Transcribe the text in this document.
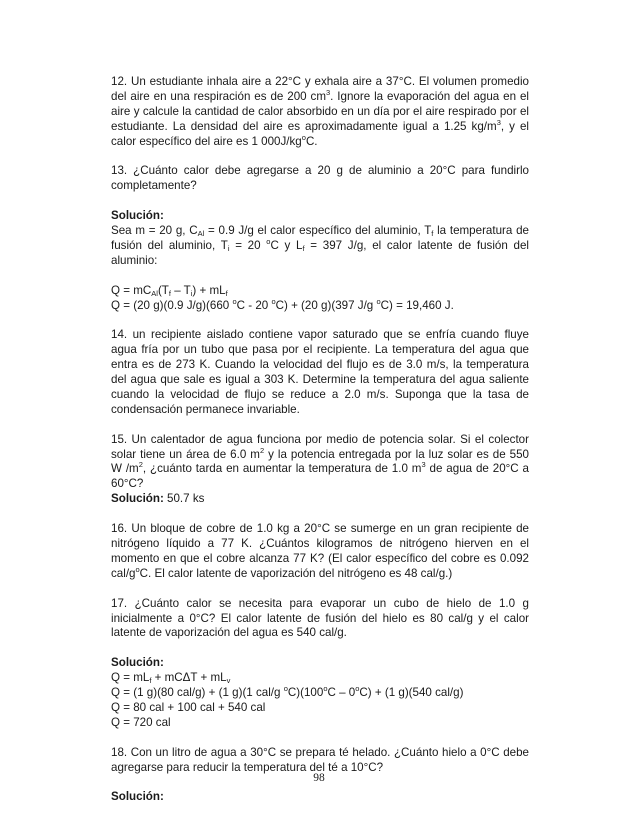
12. Un estudiante inhala aire a 22°C y exhala aire a 37°C. El volumen promedio del aire en una respiración es de 200 $cm^3$. Ignore la evaporación del agua en el aire y calcule la cantidad de calor absorbido en un día por el aire respirado por el estudiante. La densidad del aire es aproximadamente igual a 1.25 $kg/m^3$, y el calor específico del aire es 1 $000J/kg^oC$.

13. ¿Cuánto calor debe agregarse a 20 g de aluminio a 20°C para fundirlo completamente?

Solución:

Sea m = 20 g, $C_{Al} = 0.9$ J/g el calor específico del aluminio, $T_f$ la temperatura de fusión del aluminio, $T_i = 20$ $^o$C y $L_f = 397$ J/g, el calor latente de fusión del aluminio:

$Q = mC_{Al}(T_f - T_i) + mL_f$
Q = (20 g)(0.9 J/g)(660 $^o$C - 20 $^o$C) + (20 g)(397 J/g $^o$C) = 19,460 J.

14. un recipiente aislado contiene vapor saturado que se enfría cuando fluye agua fría por un tubo que pasa por el recipiente. La temperatura del agua que entra es de 273 K. Cuando la velocidad del flujo es de 3.0 m/s, la temperatura del agua que sale es igual a 303 K. Determine la temperatura del agua saliente cuando la velocidad de flujo se reduce a 2.0 m/s. Suponga que la tasa de condensación permanece invariable.

15. Un calentador de agua funciona por medio de potencia solar. Si el colector solar tiene un área de 6.0 $m^2$ y la potencia entregada por la luz solar es de 550 W $/m^2$, ¿cuánto tarda en aumentar la temperatura de 1.0 $m^3$ de agua de 20°C a 60°C?

Solución: 50.7 ks

16. Un bloque de cobre de 1.0 kg a 20°C se sumerge en un gran recipiente de nitrógeno líquido a 77 K. ¿Cuántos kilogramos de nitrógeno hierven en el momento en que el cobre alcanza 77 K? (El calor específico del cobre es 0.092 cal/$g^oC$. El calor latente de vaporización del nitrógeno es 48 cal/g.)

17. ¿Cuánto calor se necesita para evaporar un cubo de hielo de 1.0 g inicialmente a 0°C? El calor latente de fusión del hielo es 80 cal/g y el calor latente de vaporización del agua es 540 cal/g.

Solución:
$Q = mL_f + mC\Delta T + mL_v$
Q = (1 g)(80 cal/g) + (1 g)(1 cal/g $^oC)(100^oC - 0^oC) + (1$ g)(540 cal/g)
Q = 80 cal + 100 cal + 540 cal
Q = 720 cal

18. Con un litro de agua a 30°C se prepara té helado. ¿Cuánto hielo a 0°C debe agregarse para reducir la temperatura del té a 10°C?

Solución:
98
